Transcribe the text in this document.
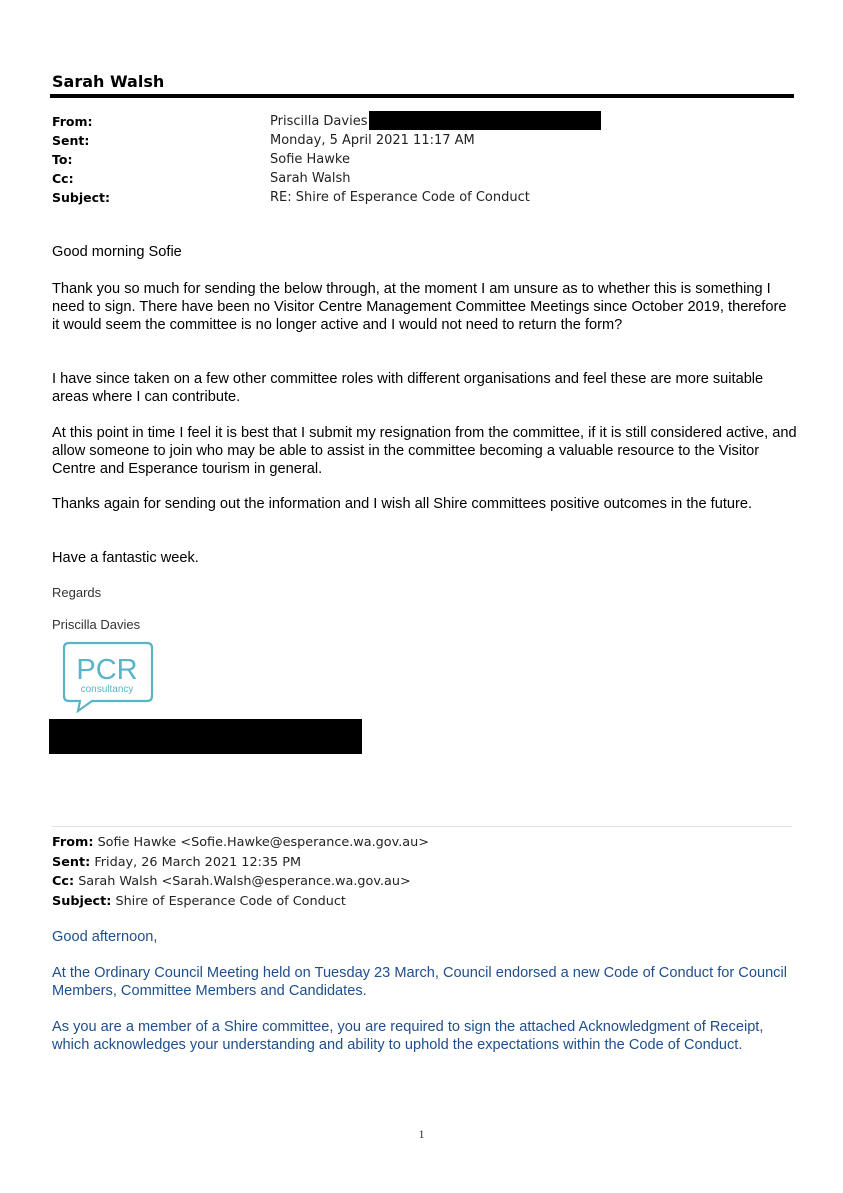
Sarah Walsh
From:	Priscilla Davies
Sent:	Monday, 5 April 2021 11:17 AM
To:	Sofie Hawke
Cc:	Sarah Walsh
Subject:	RE: Shire of Esperance Code of Conduct
Good morning Sofie
Thank you so much for sending the below through, at the moment I am unsure as to whether this is something I need to sign. There have been no Visitor Centre Management Committee Meetings since October 2019, therefore it would seem the committee is no longer active and I would not need to return the form?
I have since taken on a few other committee roles with different organisations and feel these are more suitable areas where I can contribute.
At this point in time I feel it is best that I submit my resignation from the committee, if it is still considered active, and allow someone to join who may be able to assist in the committee becoming a valuable resource to the Visitor Centre and Esperance tourism in general.
Thanks again for sending out the information and I wish all Shire committees positive outcomes in the future.
Have a fantastic week.
Regards
Priscilla Davies
PCR
consultancy
From: Sofie Hawke <Sofie.Hawke@esperance.wa.gov.au>
Sent: Friday, 26 March 2021 12:35 PM
Cc: Sarah Walsh <Sarah.Walsh@esperance.wa.gov.au>
Subject: Shire of Esperance Code of Conduct
Good afternoon,
At the Ordinary Council Meeting held on Tuesday 23 March, Council endorsed a new Code of Conduct for Council Members, Committee Members and Candidates.
As you are a member of a Shire committee, you are required to sign the attached Acknowledgment of Receipt, which acknowledges your understanding and ability to uphold the expectations within the Code of Conduct.
1
